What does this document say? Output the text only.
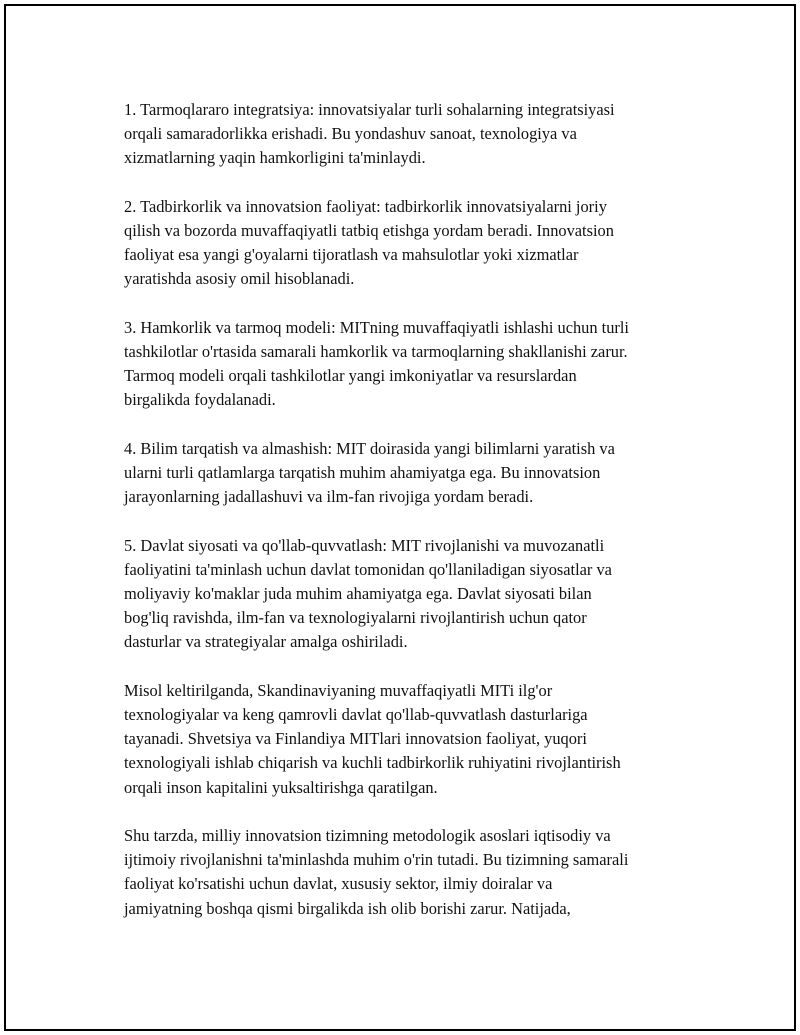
1. Tarmoqlararo integratsiya: innovatsiyalar turli sohalarning integratsiyasi
orqali samaradorlikka erishadi. Bu yondashuv sanoat, texnologiya va
xizmatlarning yaqin hamkorligini ta'minlaydi.

2. Tadbirkorlik va innovatsion faoliyat: tadbirkorlik innovatsiyalarni joriy
qilish va bozorda muvaffaqiyatli tatbiq etishga yordam beradi. Innovatsion
faoliyat esa yangi g'oyalarni tijoratlash va mahsulotlar yoki xizmatlar
yaratishda asosiy omil hisoblanadi.

3. Hamkorlik va tarmoq modeli: MITning muvaffaqiyatli ishlashi uchun turli
tashkilotlar o'rtasida samarali hamkorlik va tarmoqlarning shakllanishi zarur.
Tarmoq modeli orqali tashkilotlar yangi imkoniyatlar va resurslardan
birgalikda foydalanadi.

4. Bilim tarqatish va almashish: MIT doirasida yangi bilimlarni yaratish va
ularni turli qatlamlarga tarqatish muhim ahamiyatga ega. Bu innovatsion
jarayonlarning jadallashuvi va ilm-fan rivojiga yordam beradi.

5. Davlat siyosati va qo'llab-quvvatlash: MIT rivojlanishi va muvozanatli
faoliyatini ta'minlash uchun davlat tomonidan qo'llaniladigan siyosatlar va
moliyaviy ko'maklar juda muhim ahamiyatga ega. Davlat siyosati bilan
bog'liq ravishda, ilm-fan va texnologiyalarni rivojlantirish uchun qator
dasturlar va strategiyalar amalga oshiriladi.

Misol keltirilganda, Skandinaviyaning muvaffaqiyatli MITi ilg'or
texnologiyalar va keng qamrovli davlat qo'llab-quvvatlash dasturlariga
tayanadi. Shvetsiya va Finlandiya MITlari innovatsion faoliyat, yuqori
texnologiyali ishlab chiqarish va kuchli tadbirkorlik ruhiyatini rivojlantirish
orqali inson kapitalini yuksaltirishga qaratilgan.

Shu tarzda, milliy innovatsion tizimning metodologik asoslari iqtisodiy va
ijtimoiy rivojlanishni ta'minlashda muhim o'rin tutadi. Bu tizimning samarali
faoliyat ko'rsatishi uchun davlat, xususiy sektor, ilmiy doiralar va
jamiyatning boshqa qismi birgalikda ish olib borishi zarur. Natijada,
